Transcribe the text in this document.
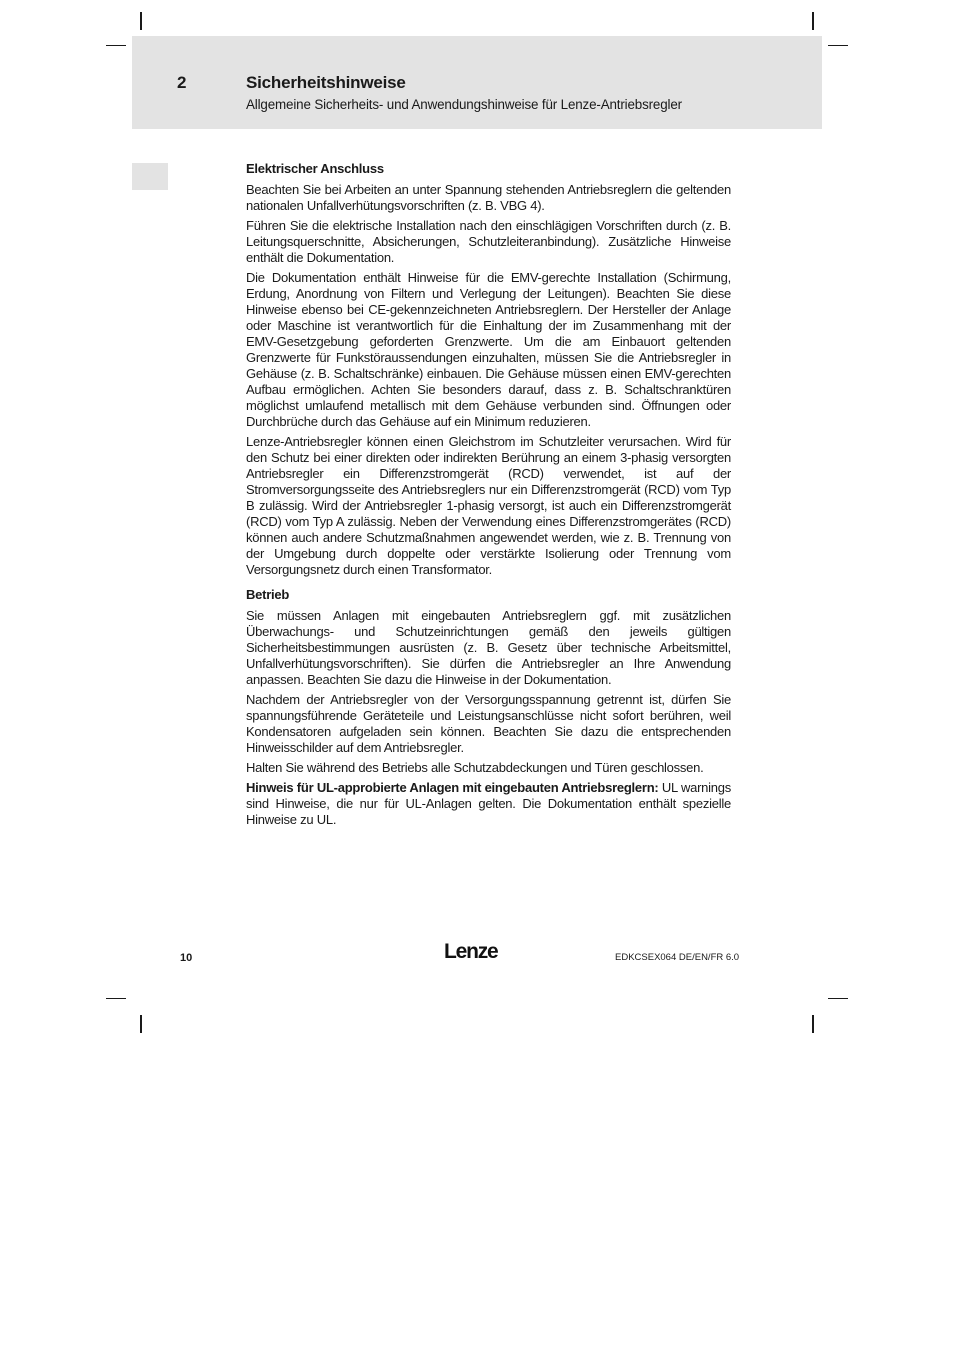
2	Sicherheitshinweise
Allgemeine Sicherheits- und Anwendungshinweise für Lenze-Antriebsregler
Elektrischer Anschluss

Beachten Sie bei Arbeiten an unter Spannung stehenden Antriebsreglern die geltenden nationalen Unfallverhütungsvorschriften (z. B. VBG 4).

Führen Sie die elektrische Installation nach den einschlägigen Vorschriften durch (z. B. Leitungsquerschnitte, Absicherungen, Schutzleiteranbindung). Zusätzliche Hinweise enthält die Dokumentation.

Die Dokumentation enthält Hinweise für die EMV-gerechte Installation (Schirmung, Erdung, Anordnung von Filtern und Verlegung der Leitungen). Beachten Sie diese Hinweise ebenso bei CE-gekennzeichneten Antriebsreglern. Der Hersteller der Anlage oder Maschine ist verantwortlich für die Einhaltung der im Zusammenhang mit der EMV-Gesetzgebung geforderten Grenzwerte. Um die am Einbauort geltenden Grenzwerte für Funkstöraussendungen einzuhalten, müssen Sie die Antriebsregler in Gehäuse (z. B. Schaltschränke) einbauen. Die Gehäuse müssen einen EMV-gerechten Aufbau ermöglichen. Achten Sie besonders darauf, dass z. B. Schaltschranktüren möglichst umlaufend metallisch mit dem Gehäuse verbunden sind. Öffnungen oder Durchbrüche durch das Gehäuse auf ein Minimum reduzieren.

Lenze-Antriebsregler können einen Gleichstrom im Schutzleiter verursachen. Wird für den Schutz bei einer direkten oder indirekten Berührung an einem 3-phasig versorgten Antriebsregler ein Differenzstromgerät (RCD) verwendet, ist auf der Stromversorgungsseite des Antriebsreglers nur ein Differenzstromgerät (RCD) vom Typ B zulässig. Wird der Antriebsregler 1-phasig versorgt, ist auch ein Differenzstromgerät (RCD) vom Typ A zulässig. Neben der Verwendung eines Differenzstromgerätes (RCD) können auch andere Schutzmaßnahmen angewendet werden, wie z. B. Trennung von der Umgebung durch doppelte oder verstärkte Isolierung oder Trennung vom Versorgungsnetz durch einen Transformator.

Betrieb

Sie müssen Anlagen mit eingebauten Antriebsreglern ggf. mit zusätzlichen Überwachungs- und Schutzeinrichtungen gemäß den jeweils gültigen Sicherheitsbestimmungen ausrüsten (z. B. Gesetz über technische Arbeitsmittel, Unfallverhütungsvorschriften). Sie dürfen die Antriebsregler an Ihre Anwendung anpassen. Beachten Sie dazu die Hinweise in der Dokumentation.

Nachdem der Antriebsregler von der Versorgungsspannung getrennt ist, dürfen Sie spannungsführende Geräteteile und Leistungsanschlüsse nicht sofort berühren, weil Kondensatoren aufgeladen sein können. Beachten Sie dazu die entsprechenden Hinweisschilder auf dem Antriebsregler.

Halten Sie während des Betriebs alle Schutzabdeckungen und Türen geschlossen.

Hinweis für UL-approbierte Anlagen mit eingebauten Antriebsreglern: UL warnings sind Hinweise, die nur für UL-Anlagen gelten. Die Dokumentation enthält spezielle Hinweise zu UL.

10	Lenze	EDKCSEX064 DE/EN/FR 6.0
